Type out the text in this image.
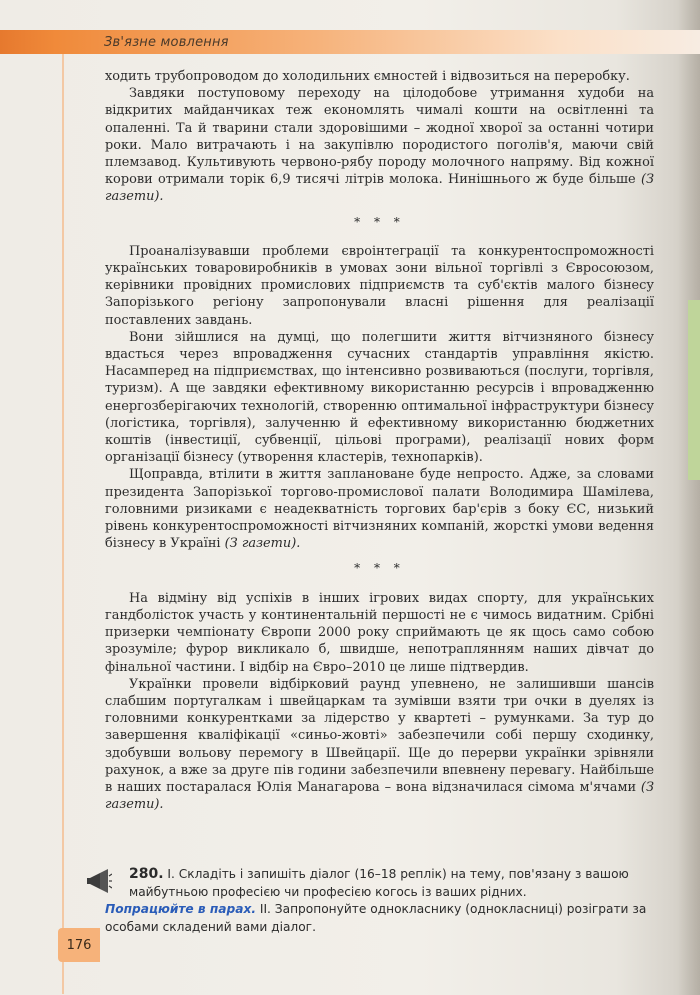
Зв'язне мовлення

ходить трубопроводом до холодильних ємностей і відвозиться на переробку.

Завдяки поступовому переходу на цілодобове утримання худоби на відкритих майданчиках теж економлять чималі кошти на освітленні та опаленні. Та й тварини стали здоровішими – жодної хворої за останні чотири роки. Мало витрачають і на закупівлю породистого поголів'я, маючи свій племзавод. Культивують червоно-рябу породу молочного напряму. Від кожної корови отримали торік 6,9 тисячі літрів молока. Нинішнього ж буде більше (З газети).

* * *

Проаналізувавши проблеми євроінтеграції та конкурентоспроможності українських товаровиробників в умовах зони вільної торгівлі з Євросоюзом, керівники провідних промислових підприємств та суб'єктів малого бізнесу Запорізького регіону запропонували власні рішення для реалізації поставлених завдань.

Вони зійшлися на думці, що полегшити життя вітчизняного бізнесу вдасться через впровадження сучасних стандартів управління якістю. Насамперед на підприємствах, що інтенсивно розвиваються (послуги, торгівля, туризм). А ще завдяки ефективному використанню ресурсів і впровадженню енергозберігаючих технологій, створенню оптимальної інфраструктури бізнесу (логістика, торгівля), залученню й ефективному використанню бюджетних коштів (інвестиції, субвенції, цільові програми), реалізації нових форм організації бізнесу (утворення кластерів, технопарків).

Щоправда, втілити в життя заплановане буде непросто. Адже, за словами президента Запорізької торгово-промислової палати Володимира Шамілева, головними ризиками є неадекватність торгових бар'єрів з боку ЄС, низький рівень конкурентоспроможності вітчизняних компаній, жорсткі умови ведення бізнесу в Україні (З газети).

* * *

На відміну від успіхів в інших ігрових видах спорту, для українських гандболісток участь у континентальній першості не є чимось видатним. Срібні призерки чемпіонату Європи 2000 року сприймають це як щось само собою зрозуміле; фурор викликало б, швидше, непотраплянням наших дівчат до фінальної частини. І відбір на Євро–2010 це лише підтвердив.

Українки провели відбірковий раунд упевнено, не залишивши шансів слабшим португалкам і швейцаркам та зумівши взяти три очки в дуелях із головними конкурентками за лідерство у квартеті – румунками. За тур до завершення кваліфікації «синьо-жовті» забезпечили собі першу сходинку, здобувши вольову перемогу в Швейцарії. Ще до перерви українки зрівняли рахунок, а вже за друге пів години забезпечили впевнену перевагу. Найбільше в наших постаралася Юлія Манагарова – вона відзначилася сімома м'ячами (З газети).

280. I. Складіть і запишіть діалог (16–18 реплік) на тему, пов'язану з вашою майбутньою професією чи професією когось із ваших рідних.
Попрацюйте в парах. II. Запропонуйте однокласнику (однокласниці) розіграти за особами складений вами діалог.
176
